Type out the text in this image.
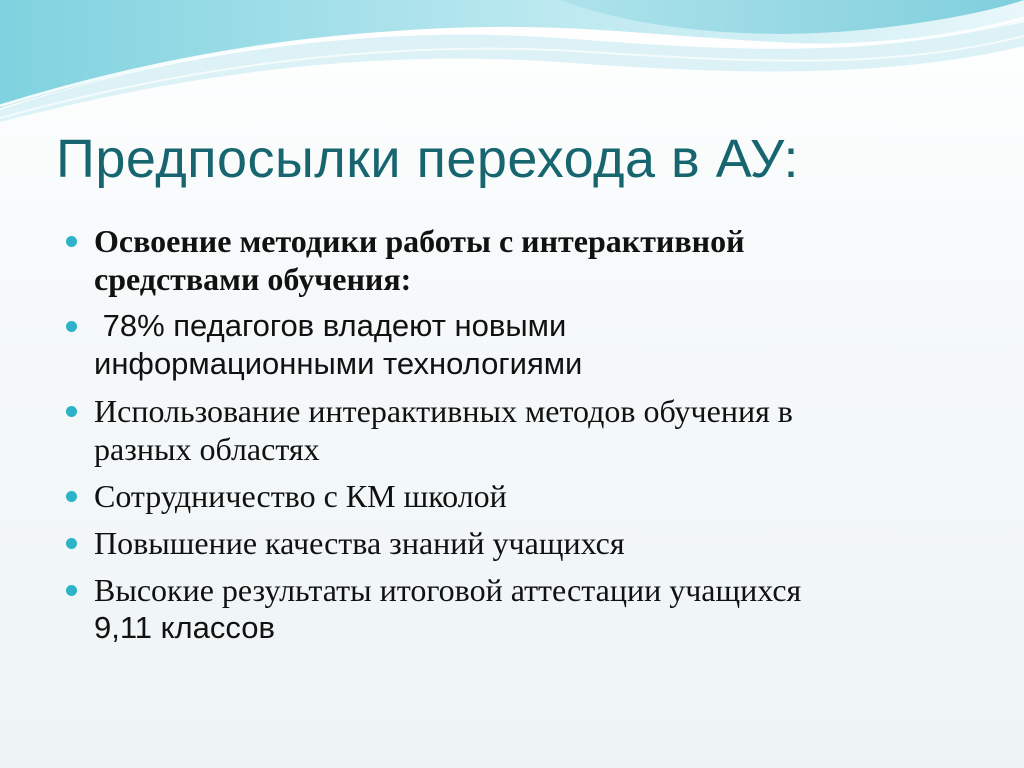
Предпосылки перехода в АУ:
Освоение методики работы с интерактивной
средствами обучения:
78% педагогов владеют новыми
информационными технологиями
Использование интерактивных методов обучения в
разных областях
Сотрудничество с КМ школой
Повышение качества знаний учащихся
Высокие результаты итоговой аттестации учащихся
9,11 классов
